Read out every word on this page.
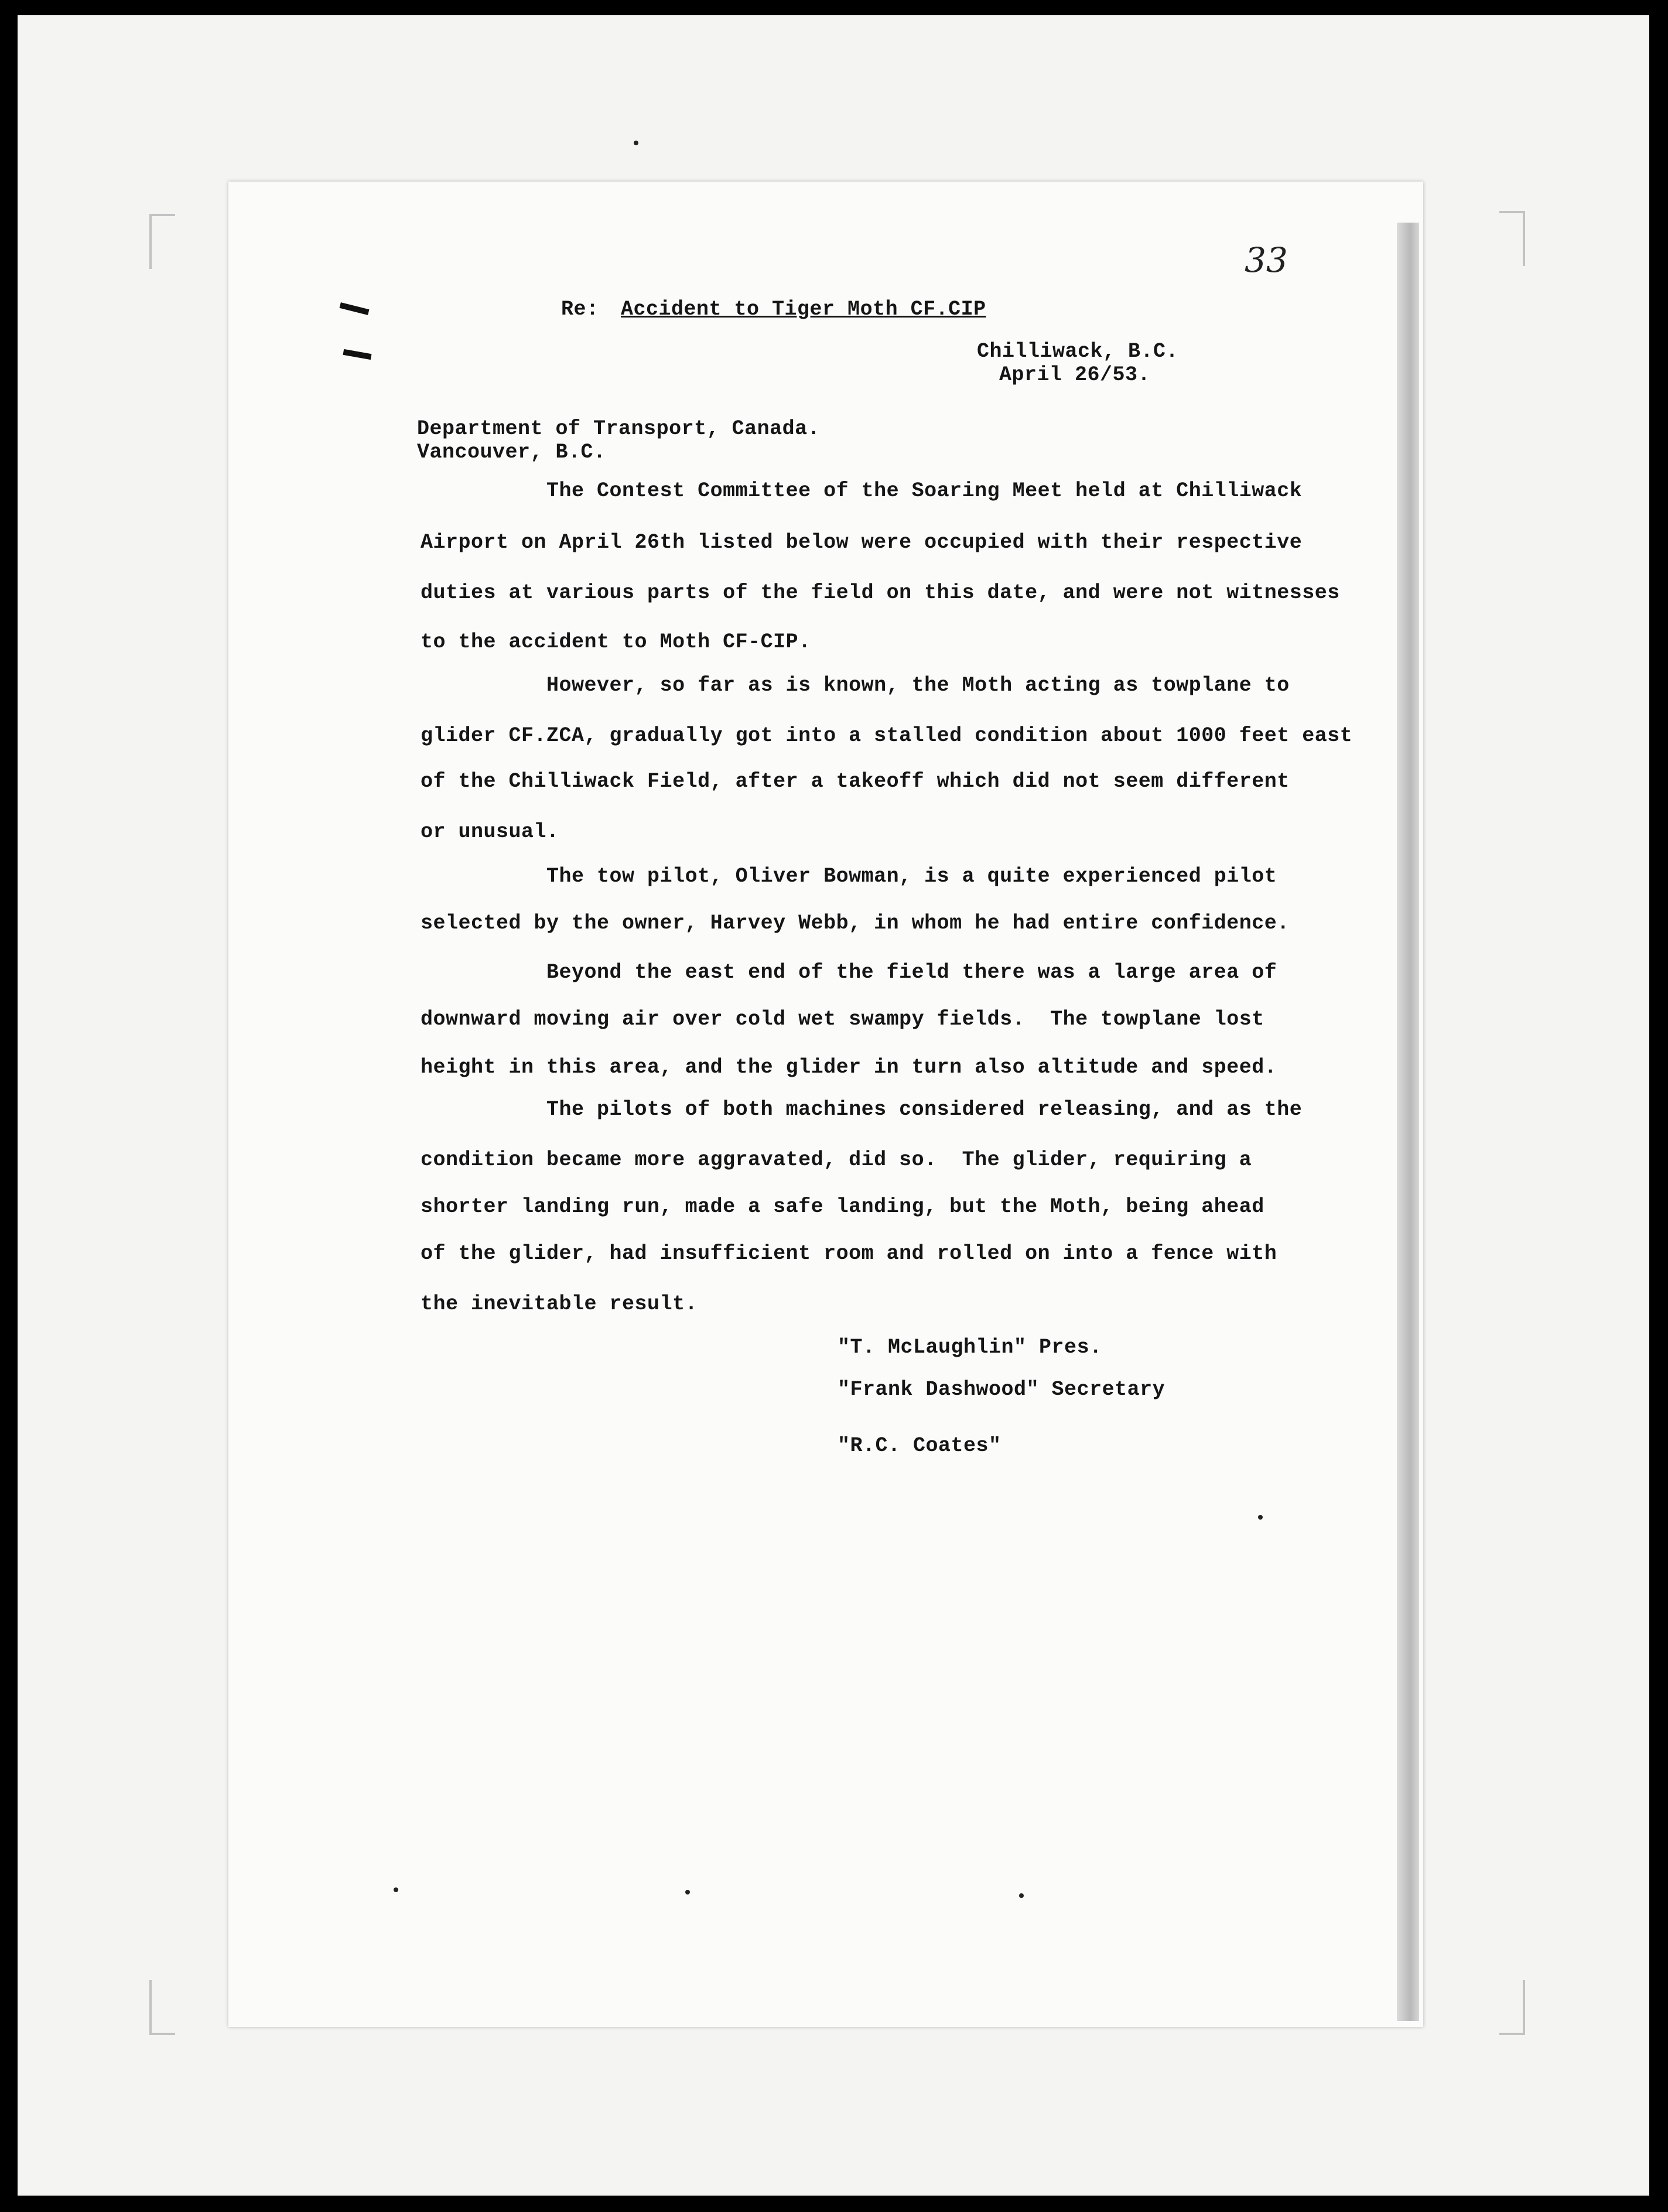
33
Re: Accident to Tiger Moth CF.CIP
Chilliwack, B.C.
April 26/53.
Department of Transport, Canada.
Vancouver, B.C.
The Contest Committee of the Soaring Meet held at Chilliwack
Airport on April 26th listed below were occupied with their respective
duties at various parts of the field on this date, and were not witnesses
to the accident to Moth CF-CIP.
However, so far as is known, the Moth acting as towplane to
glider CF.ZCA, gradually got into a stalled condition about 1000 feet east
of the Chilliwack Field, after a takeoff which did not seem different
or unusual.
The tow pilot, Oliver Bowman, is a quite experienced pilot
selected by the owner, Harvey Webb, in whom he had entire confidence.
Beyond the east end of the field there was a large area of
downward moving air over cold wet swampy fields.  The towplane lost
height in this area, and the glider in turn also altitude and speed.
The pilots of both machines considered releasing, and as the
condition became more aggravated, did so.  The glider, requiring a
shorter landing run, made a safe landing, but the Moth, being ahead
of the glider, had insufficient room and rolled on into a fence with
the inevitable result.
"T. McLaughlin" Pres.
"Frank Dashwood" Secretary
"R.C. Coates"
